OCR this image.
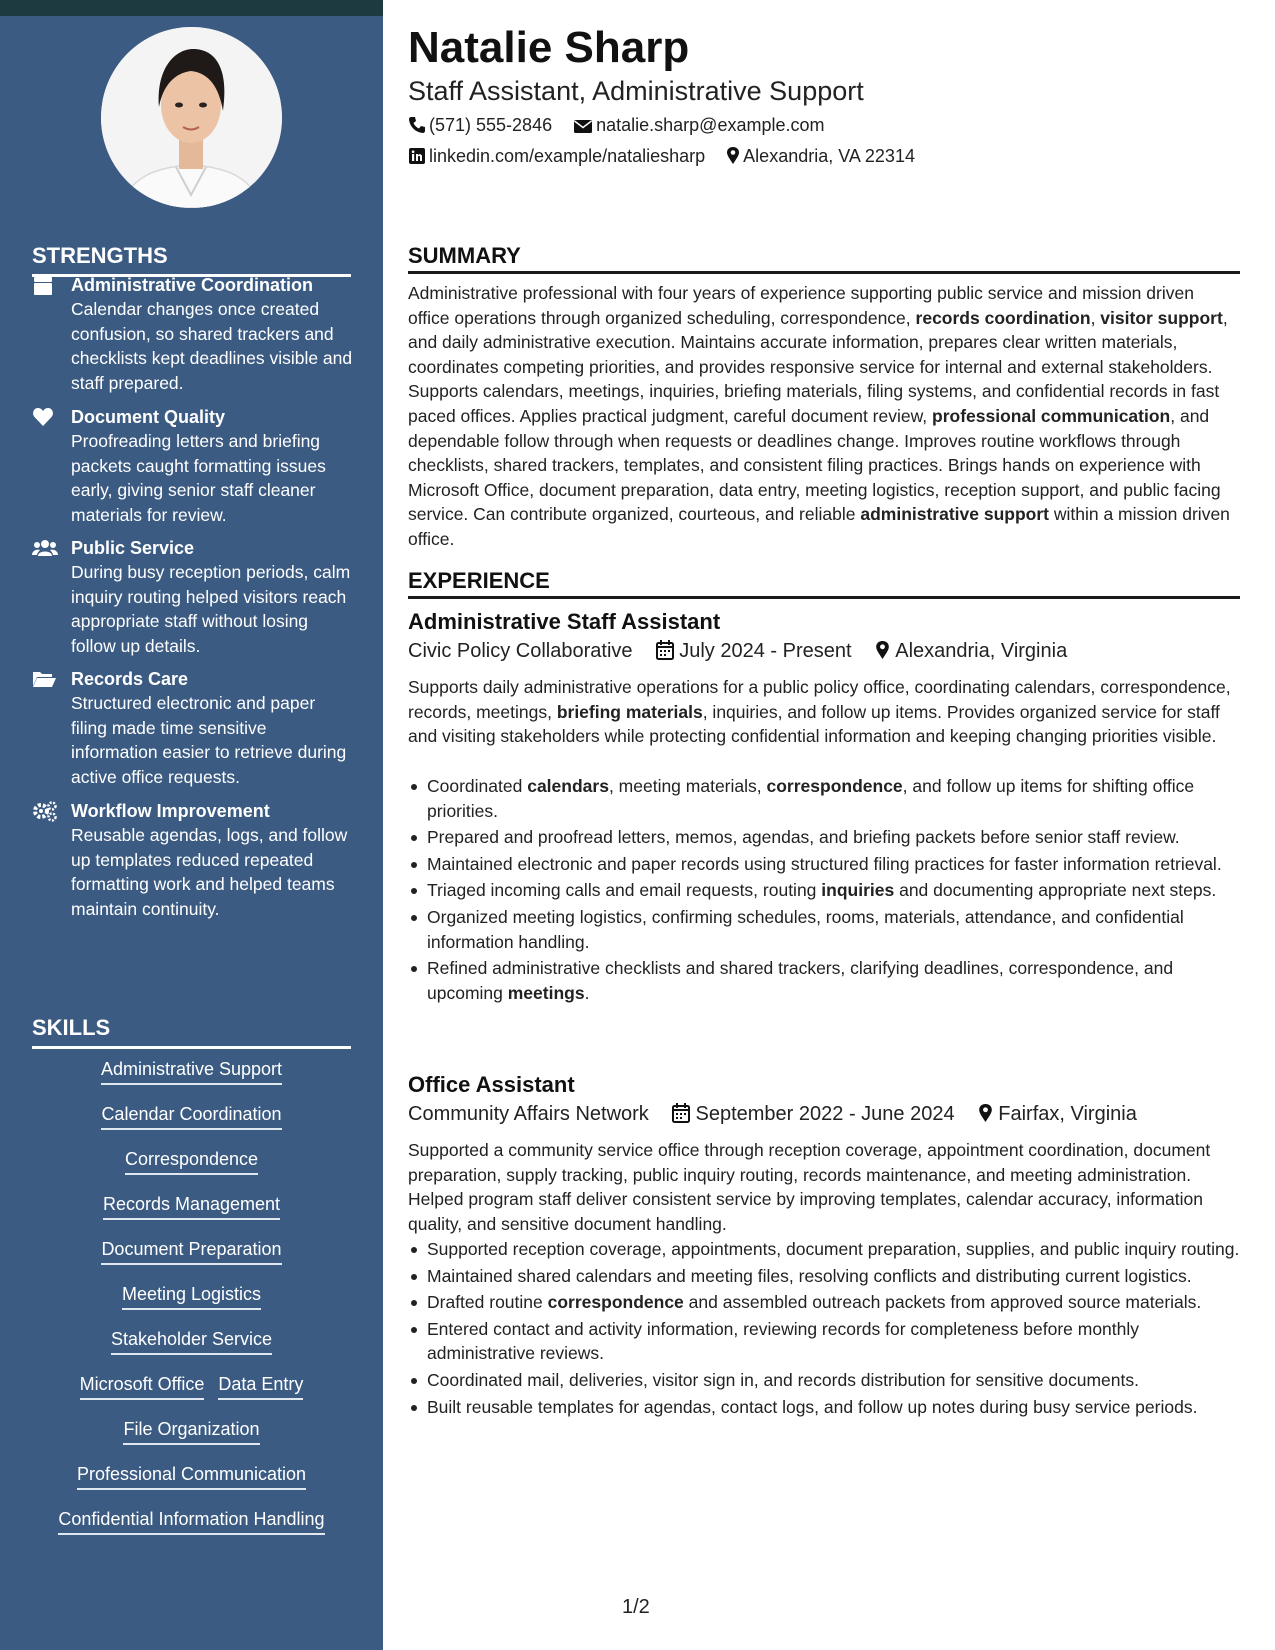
STRENGTHS
Administrative Coordination
Calendar changes once created confusion, so shared trackers and checklists kept deadlines visible and staff prepared.
Document Quality
Proofreading letters and briefing packets caught formatting issues early, giving senior staff cleaner materials for review.
Public Service
During busy reception periods, calm inquiry routing helped visitors reach appropriate staff without losing follow up details.
Records Care
Structured electronic and paper filing made time sensitive information easier to retrieve during active office requests.
Workflow Improvement
Reusable agendas, logs, and follow up templates reduced repeated formatting work and helped teams maintain continuity.
SKILLS
Administrative Support
Calendar Coordination
Correspondence
Records Management
Document Preparation
Meeting Logistics
Stakeholder Service
Microsoft Office Data Entry
File Organization
Professional Communication
Confidential Information Handling
Natalie Sharp
Staff Assistant, Administrative Support
(571) 555-2846 natalie.sharp@example.com
linkedin.com/example/nataliesharp Alexandria, VA 22314
SUMMARY
Administrative professional with four years of experience supporting public service and mission driven office operations through organized scheduling, correspondence, records coordination, visitor support, and daily administrative execution. Maintains accurate information, prepares clear written materials, coordinates competing priorities, and provides responsive service for internal and external stakeholders. Supports calendars, meetings, inquiries, briefing materials, filing systems, and confidential records in fast paced offices. Applies practical judgment, careful document review, professional communication, and dependable follow through when requests or deadlines change. Improves routine workflows through checklists, shared trackers, templates, and consistent filing practices. Brings hands on experience with Microsoft Office, document preparation, data entry, meeting logistics, reception support, and public facing service. Can contribute organized, courteous, and reliable administrative support within a mission driven office.
EXPERIENCE
Administrative Staff Assistant
Civic Policy Collaborative July 2024 - Present Alexandria, Virginia
Supports daily administrative operations for a public policy office, coordinating calendars, correspondence, records, meetings, briefing materials, inquiries, and follow up items. Provides organized service for staff and visiting stakeholders while protecting confidential information and keeping changing priorities visible.
Coordinated calendars, meeting materials, correspondence, and follow up items for shifting office priorities.
Prepared and proofread letters, memos, agendas, and briefing packets before senior staff review.
Maintained electronic and paper records using structured filing practices for faster information retrieval.
Triaged incoming calls and email requests, routing inquiries and documenting appropriate next steps.
Organized meeting logistics, confirming schedules, rooms, materials, attendance, and confidential information handling.
Refined administrative checklists and shared trackers, clarifying deadlines, correspondence, and upcoming meetings.
Office Assistant
Community Affairs Network September 2022 - June 2024 Fairfax, Virginia
Supported a community service office through reception coverage, appointment coordination, document preparation, supply tracking, public inquiry routing, records maintenance, and meeting administration. Helped program staff deliver consistent service by improving templates, calendar accuracy, information quality, and sensitive document handling.
Supported reception coverage, appointments, document preparation, supplies, and public inquiry routing.
Maintained shared calendars and meeting files, resolving conflicts and distributing current logistics.
Drafted routine correspondence and assembled outreach packets from approved source materials.
Entered contact and activity information, reviewing records for completeness before monthly administrative reviews.
Coordinated mail, deliveries, visitor sign in, and records distribution for sensitive documents.
Built reusable templates for agendas, contact logs, and follow up notes during busy service periods.
1/2
